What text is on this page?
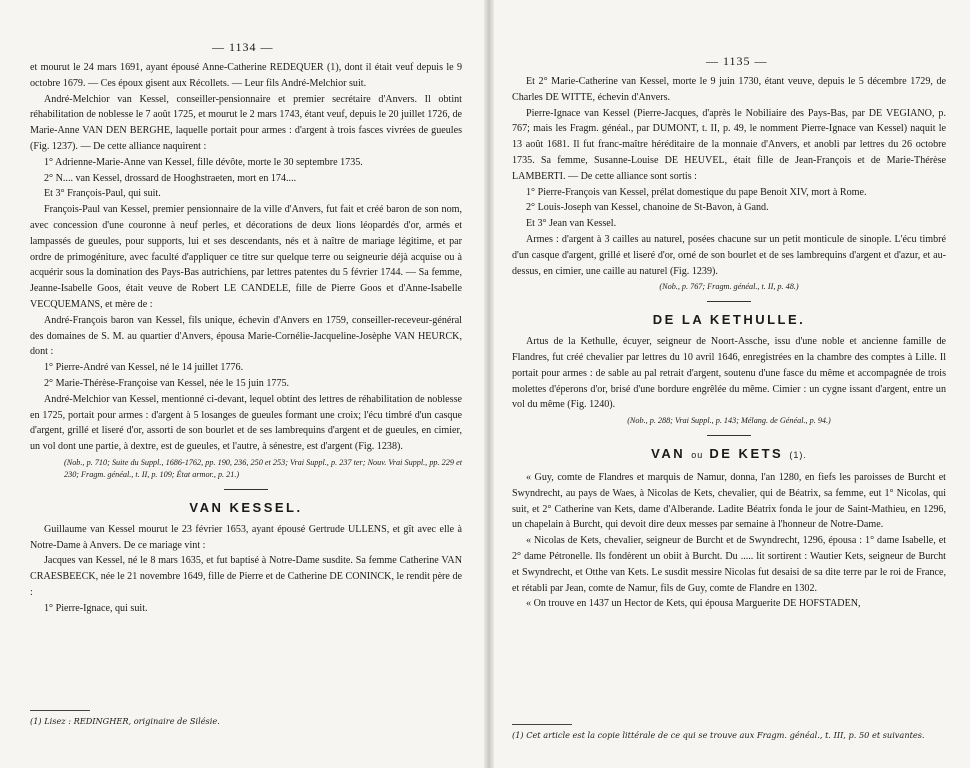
— 1134 —

et mourut le 24 mars 1691, ayant épousé Anne-Catherine REDEQUER (1), dont il était veuf depuis le 9 octobre 1679. — Ces époux gisent aux Récollets. — Leur fils André-Melchior suit.

André-Melchior van Kessel, conseiller-pensionnaire et premier secrétaire d'Anvers. Il obtint réhabilitation de noblesse le 7 août 1725, et mourut le 2 mars 1743, étant veuf, depuis le 20 juillet 1726, de Marie-Anne VAN DEN BERGHE, laquelle portait pour armes : d'argent à trois fasces vivrées de gueules (Fig. 1237). — De cette alliance naquirent :

1° Adrienne-Marie-Anne van Kessel, fille dévôte, morte le 30 septembre 1735.

2° N.... van Kessel, drossard de Hooghstraeten, mort en 174....

Et 3° François-Paul, qui suit.

François-Paul van Kessel, premier pensionnaire de la ville d'Anvers, fut fait et créé baron de son nom, avec concession d'une couronne à neuf perles, et décorations de deux lions léopardés d'or, armés et lampassés de gueules, pour supports, lui et ses descendants, nés et à naître de mariage légitime, et par ordre de primogéniture, avec faculté d'appliquer ce titre sur quelque terre ou seigneurie déjà acquise ou à acquérir sous la domination des Pays-Bas autrichiens, par lettres patentes du 5 février 1744. — Sa femme, Jeanne-Isabelle Goos, était veuve de Robert LE CANDELE, fille de Pierre Goos et d'Anne-Isabelle VECQUEMANS, et mère de :

André-François baron van Kessel, fils unique, échevin d'Anvers en 1759, conseiller-receveur-général des domaines de S. M. au quartier d'Anvers, épousa Marie-Cornélie-Jacqueline-Josèphe VAN HEURCK, dont :

1° Pierre-André van Kessel, né le 14 juillet 1776.

2° Marie-Thérèse-Françoise van Kessel, née le 15 juin 1775.

André-Melchior van Kessel, mentionné ci-devant, lequel obtint des lettres de réhabilitation de noblesse en 1725, portait pour armes : d'argent à 5 losanges de gueules formant une croix; l'écu timbré d'un casque d'argent, grillé et liseré d'or, assorti de son bourlet et de ses lambrequins d'argent et de gueules, en cimier, un vol dont une partie, à dextre, est de gueules, et l'autre, à sénestre, est d'argent (Fig. 1238).

(Nob., p. 710; Suite du Suppl., 1686-1762, pp. 190, 236, 250 et 253; Vrai Suppl., p. 237 ter; Nouv. Vrai Suppl., pp. 229 et 230; Fragm. généal., t. II, p. 109; État armor., p. 21.)

VAN KESSEL.

Guillaume van Kessel mourut le 23 février 1653, ayant épousé Gertrude ULLENS, et gît avec elle à Notre-Dame à Anvers. De ce mariage vint :

Jacques van Kessel, né le 8 mars 1635, et fut baptisé à Notre-Dame susdite. Sa femme Catherine VAN CRAESBEECK, née le 21 novembre 1649, fille de Pierre et de Catherine DE CONINCK, le rendit père de :

1° Pierre-Ignace, qui suit.

(1) Lisez : REDINGHER, originaire de Silésie.
— 1135 —

Et 2° Marie-Catherine van Kessel, morte le 9 juin 1730, étant veuve, depuis le 5 décembre 1729, de Charles DE WITTE, échevin d'Anvers.

Pierre-Ignace van Kessel (Pierre-Jacques, d'après le Nobiliaire des Pays-Bas, par DE VEGIANO, p. 767; mais les Fragm. généal., par DUMONT, t. II, p. 49, le nomment Pierre-Ignace van Kessel) naquit le 13 août 1681. Il fut franc-maître héréditaire de la monnaie d'Anvers, et anobli par lettres du 26 octobre 1735. Sa femme, Susanne-Louise DE HEUVEL, était fille de Jean-François et de Marie-Thérèse LAMBERTI. — De cette alliance sont sortis :

1° Pierre-François van Kessel, prélat domestique du pape Benoit XIV, mort à Rome.

2° Louis-Joseph van Kessel, chanoine de St-Bavon, à Gand.

Et 3° Jean van Kessel.

Armes : d'argent à 3 cailles au naturel, posées chacune sur un petit monticule de sinople. L'écu timbré d'un casque d'argent, grillé et liseré d'or, orné de son bourlet et de ses lambrequins d'argent et d'azur, et au-dessus, en cimier, une caille au naturel (Fig. 1239).

(Nob., p. 767; Fragm. généal., t. II, p. 48.)

DE LA KETHULLE.

Artus de la Kethulle, écuyer, seigneur de Noort-Assche, issu d'une noble et ancienne famille de Flandres, fut créé chevalier par lettres du 10 avril 1646, enregistrées en la chambre des comptes à Lille. Il portait pour armes : de sable au pal retrait d'argent, soutenu d'une fasce du même et accompagnée de trois molettes d'éperons d'or, brisé d'une bordure engrêlée du même. Cimier : un cygne issant d'argent, entre un vol du même (Fig. 1240).

(Nob., p. 288; Vrai Suppl., p. 143; Mélang. de Généal., p. 94.)

VAN ou DE KETS (1).

« Guy, comte de Flandres et marquis de Namur, donna, l'an 1280, en fiefs les paroisses de Burcht et Swyndrecht, au pays de Waes, à Nicolas de Kets, chevalier, qui de Béatrix, sa femme, eut 1° Nicolas, qui suit, et 2° Catherine van Kets, dame d'Alberande. Ladite Béatrix fonda le jour de Saint-Mathieu, en 1296, un chapelain à Burcht, qui devoit dire deux messes par semaine à l'honneur de Notre-Dame.

« Nicolas de Kets, chevalier, seigneur de Burcht et de Swyndrecht, 1296, épousa : 1° dame Isabelle, et 2° dame Pétronelle. Ils fondèrent un obiit à Burcht. Du ..... lit sortirent : Wautier Kets, seigneur de Burcht et Swyndrecht, et Otthe van Kets. Le susdit messire Nicolas fut desaisi de sa dite terre par le roi de France, et rétabli par Jean, comte de Namur, fils de Guy, comte de Flandre en 1302.

« On trouve en 1437 un Hector de Kets, qui épousa Marguerite DE HOFSTADEN,

(1) Cet article est la copie littérale de ce qui se trouve aux Fragm. généal., t. III, p. 50 et suivantes.
